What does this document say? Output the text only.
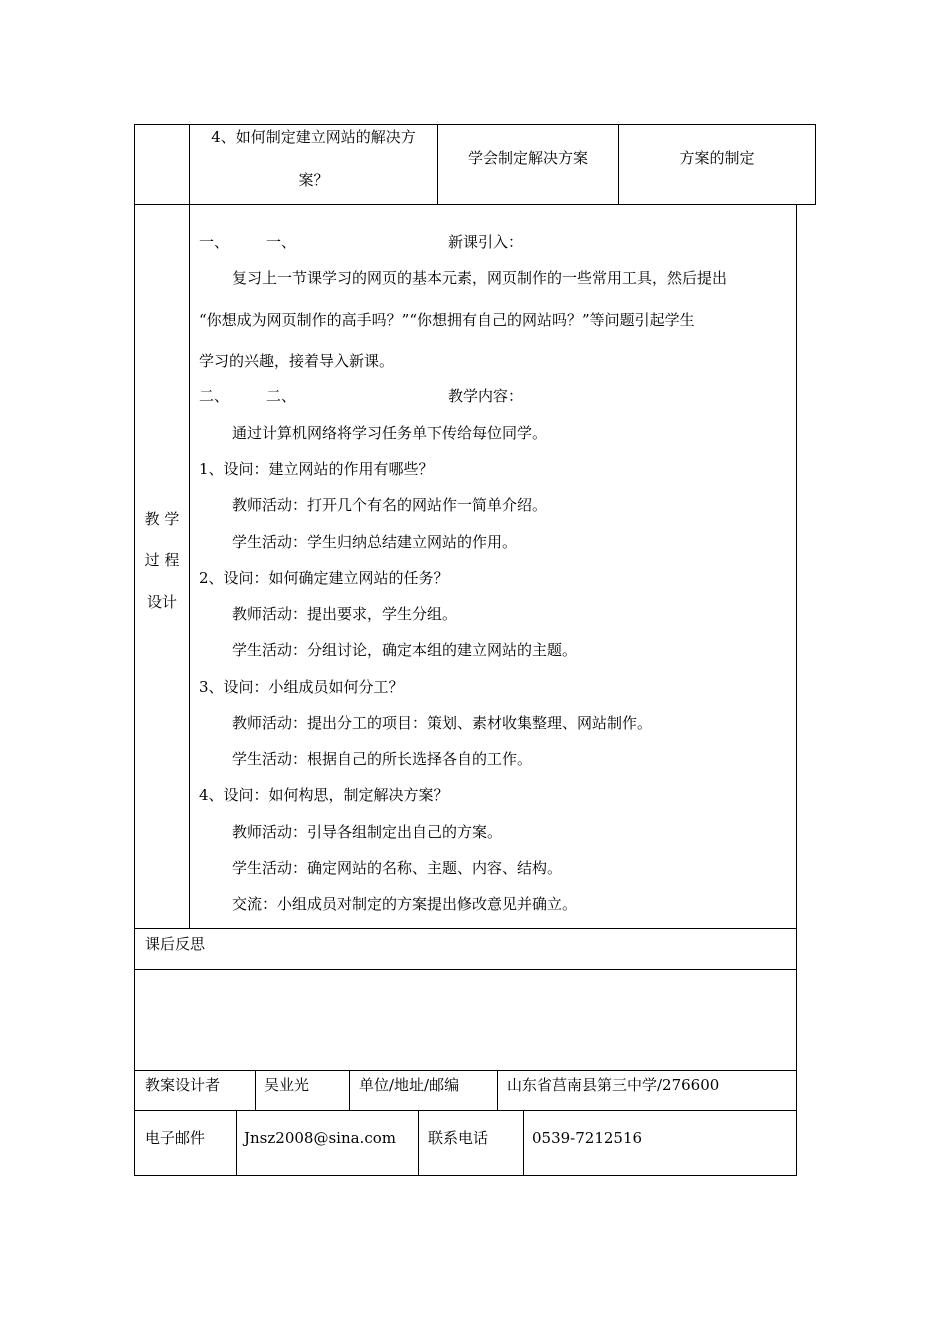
4、如何制定建立网站的解决方
案？
学会制定解决方案	方案的制定
教 学
过 程
设计
一、 一、	新课引入：
复习上一节课学习的网页的基本元素，网页制作的一些常用工具，然后提出
“你想成为网页制作的高手吗？”“你想拥有自己的网站吗？”等问题引起学生
学习的兴趣，接着导入新课。
二、 二、	教学内容：
通过计算机网络将学习任务单下传给每位同学。
1、设问：建立网站的作用有哪些？
教师活动：打开几个有名的网站作一简单介绍。
学生活动：学生归纳总结建立网站的作用。
2、设问：如何确定建立网站的任务？
教师活动：提出要求，学生分组。
学生活动：分组讨论，确定本组的建立网站的主题。
3、设问：小组成员如何分工？
教师活动：提出分工的项目：策划、素材收集整理、网站制作。
学生活动：根据自己的所长选择各自的工作。
4、设问：如何构思，制定解决方案？
教师活动：引导各组制定出自己的方案。
学生活动：确定网站的名称、主题、内容、结构。
交流：小组成员对制定的方案提出修改意见并确立。
课后反思
教案设计者	吴业光	单位/地址/邮编	山东省莒南县第三中学/276600
电子邮件	Jnsz2008@sina.com 联系电话	0539-7212516
